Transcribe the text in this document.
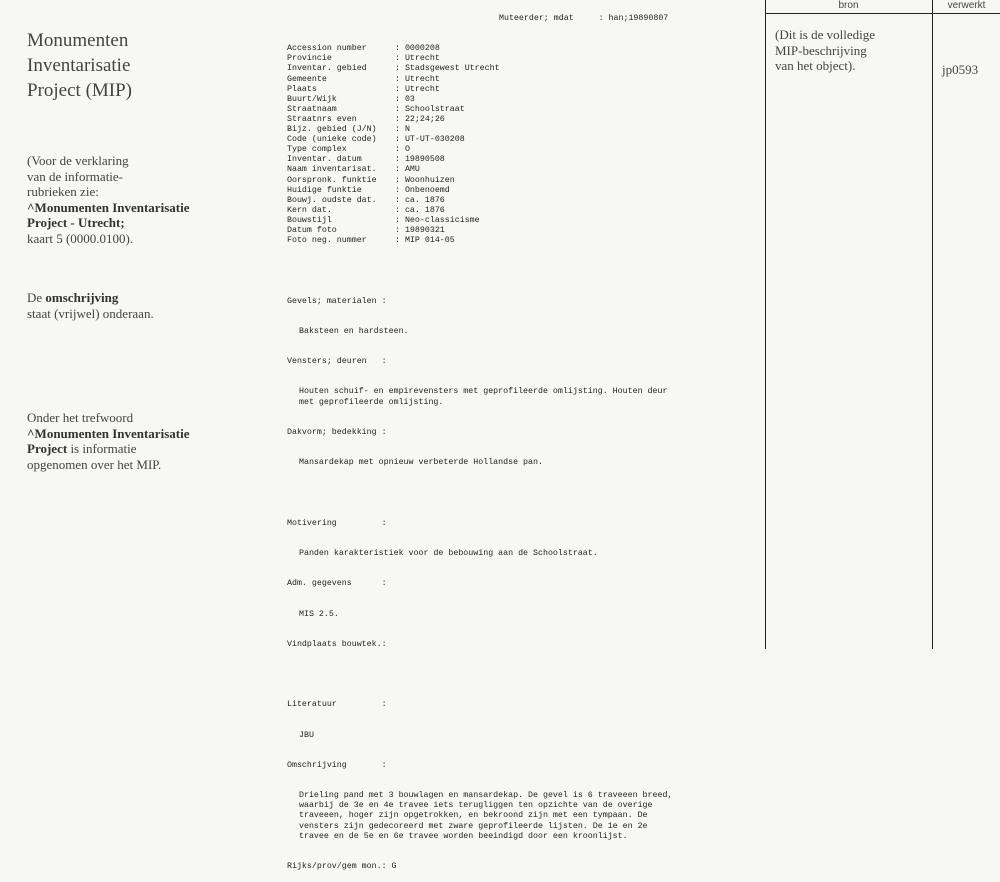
Monumenten
Inventarisatie
Project (MIP)
(Voor de verklaring
van de informatie-
rubrieken zie:
^Monumenten Inventarisatie
Project - Utrecht;
kaart 5 (0000.0100).
De omschrijving
staat (vrijwel) onderaan.
Onder het trefwoord
^Monumenten Inventarisatie
Project is informatie
opgenomen over het MIP.

Muteerder; mdat     : han;19890807

Accession number	: 0000208
Provincie	: Utrecht
Inventar. gebied	: Stadsgewest Utrecht
Gemeente	: Utrecht
Plaats	: Utrecht
Buurt/Wijk	: 03
Straatnaam	: Schoolstraat
Straatnrs even	: 22;24;26
Bijz. gebied (J/N) : N
Code (unieke code) : UT-UT-030208
Type complex	: O
Inventar. datum	: 19890508
Naam inventarisat. : AMU
Oorspronk. funktie : Woonhuizen
Huidige funktie	: Onbenoemd
Bouwj. oudste dat. : ca. 1876
Kern dat.	: ca. 1876
Bouwstijl	: Neo-classicisme
Datum foto	: 19890321
Foto neg. nummer	: MIP 014-05

Gevels; materialen :

Baksteen en hardsteen.

Vensters; deuren   :

Houten schuif- en empirevensters met geprofileerde omlijsting. Houten deur
met geprofileerde omlijsting.

Dakvorm; bedekking :

Mansardekap met opnieuw verbeterde Hollandse pan.

Motivering         :

Panden karakteristiek voor de bebouwing aan de Schoolstraat.

Adm. gegevens      :

MIS 2.5.

Vindplaats bouwtek.:

Literatuur         :

JBU

Omschrijving       :

Drieling pand met 3 bouwlagen en mansardekap. De gevel is 6 traveeen breed,
waarbij de 3e en 4e travee iets terugliggen ten opzichte van de overige
traveeen, hoger zijn opgetrokken, en bekroond zijn met een tympaan. De
vensters zijn gedecoreerd met zware geprofileerde lijsten. De 1e en 2e
travee en de 5e en 6e travee worden beeindigd door een kroonlijst.

Rijks/prov/gem mon.: G

bron	verwerkt
(Dit is de volledige
MIP-beschrijving
van het object).	jp0593
